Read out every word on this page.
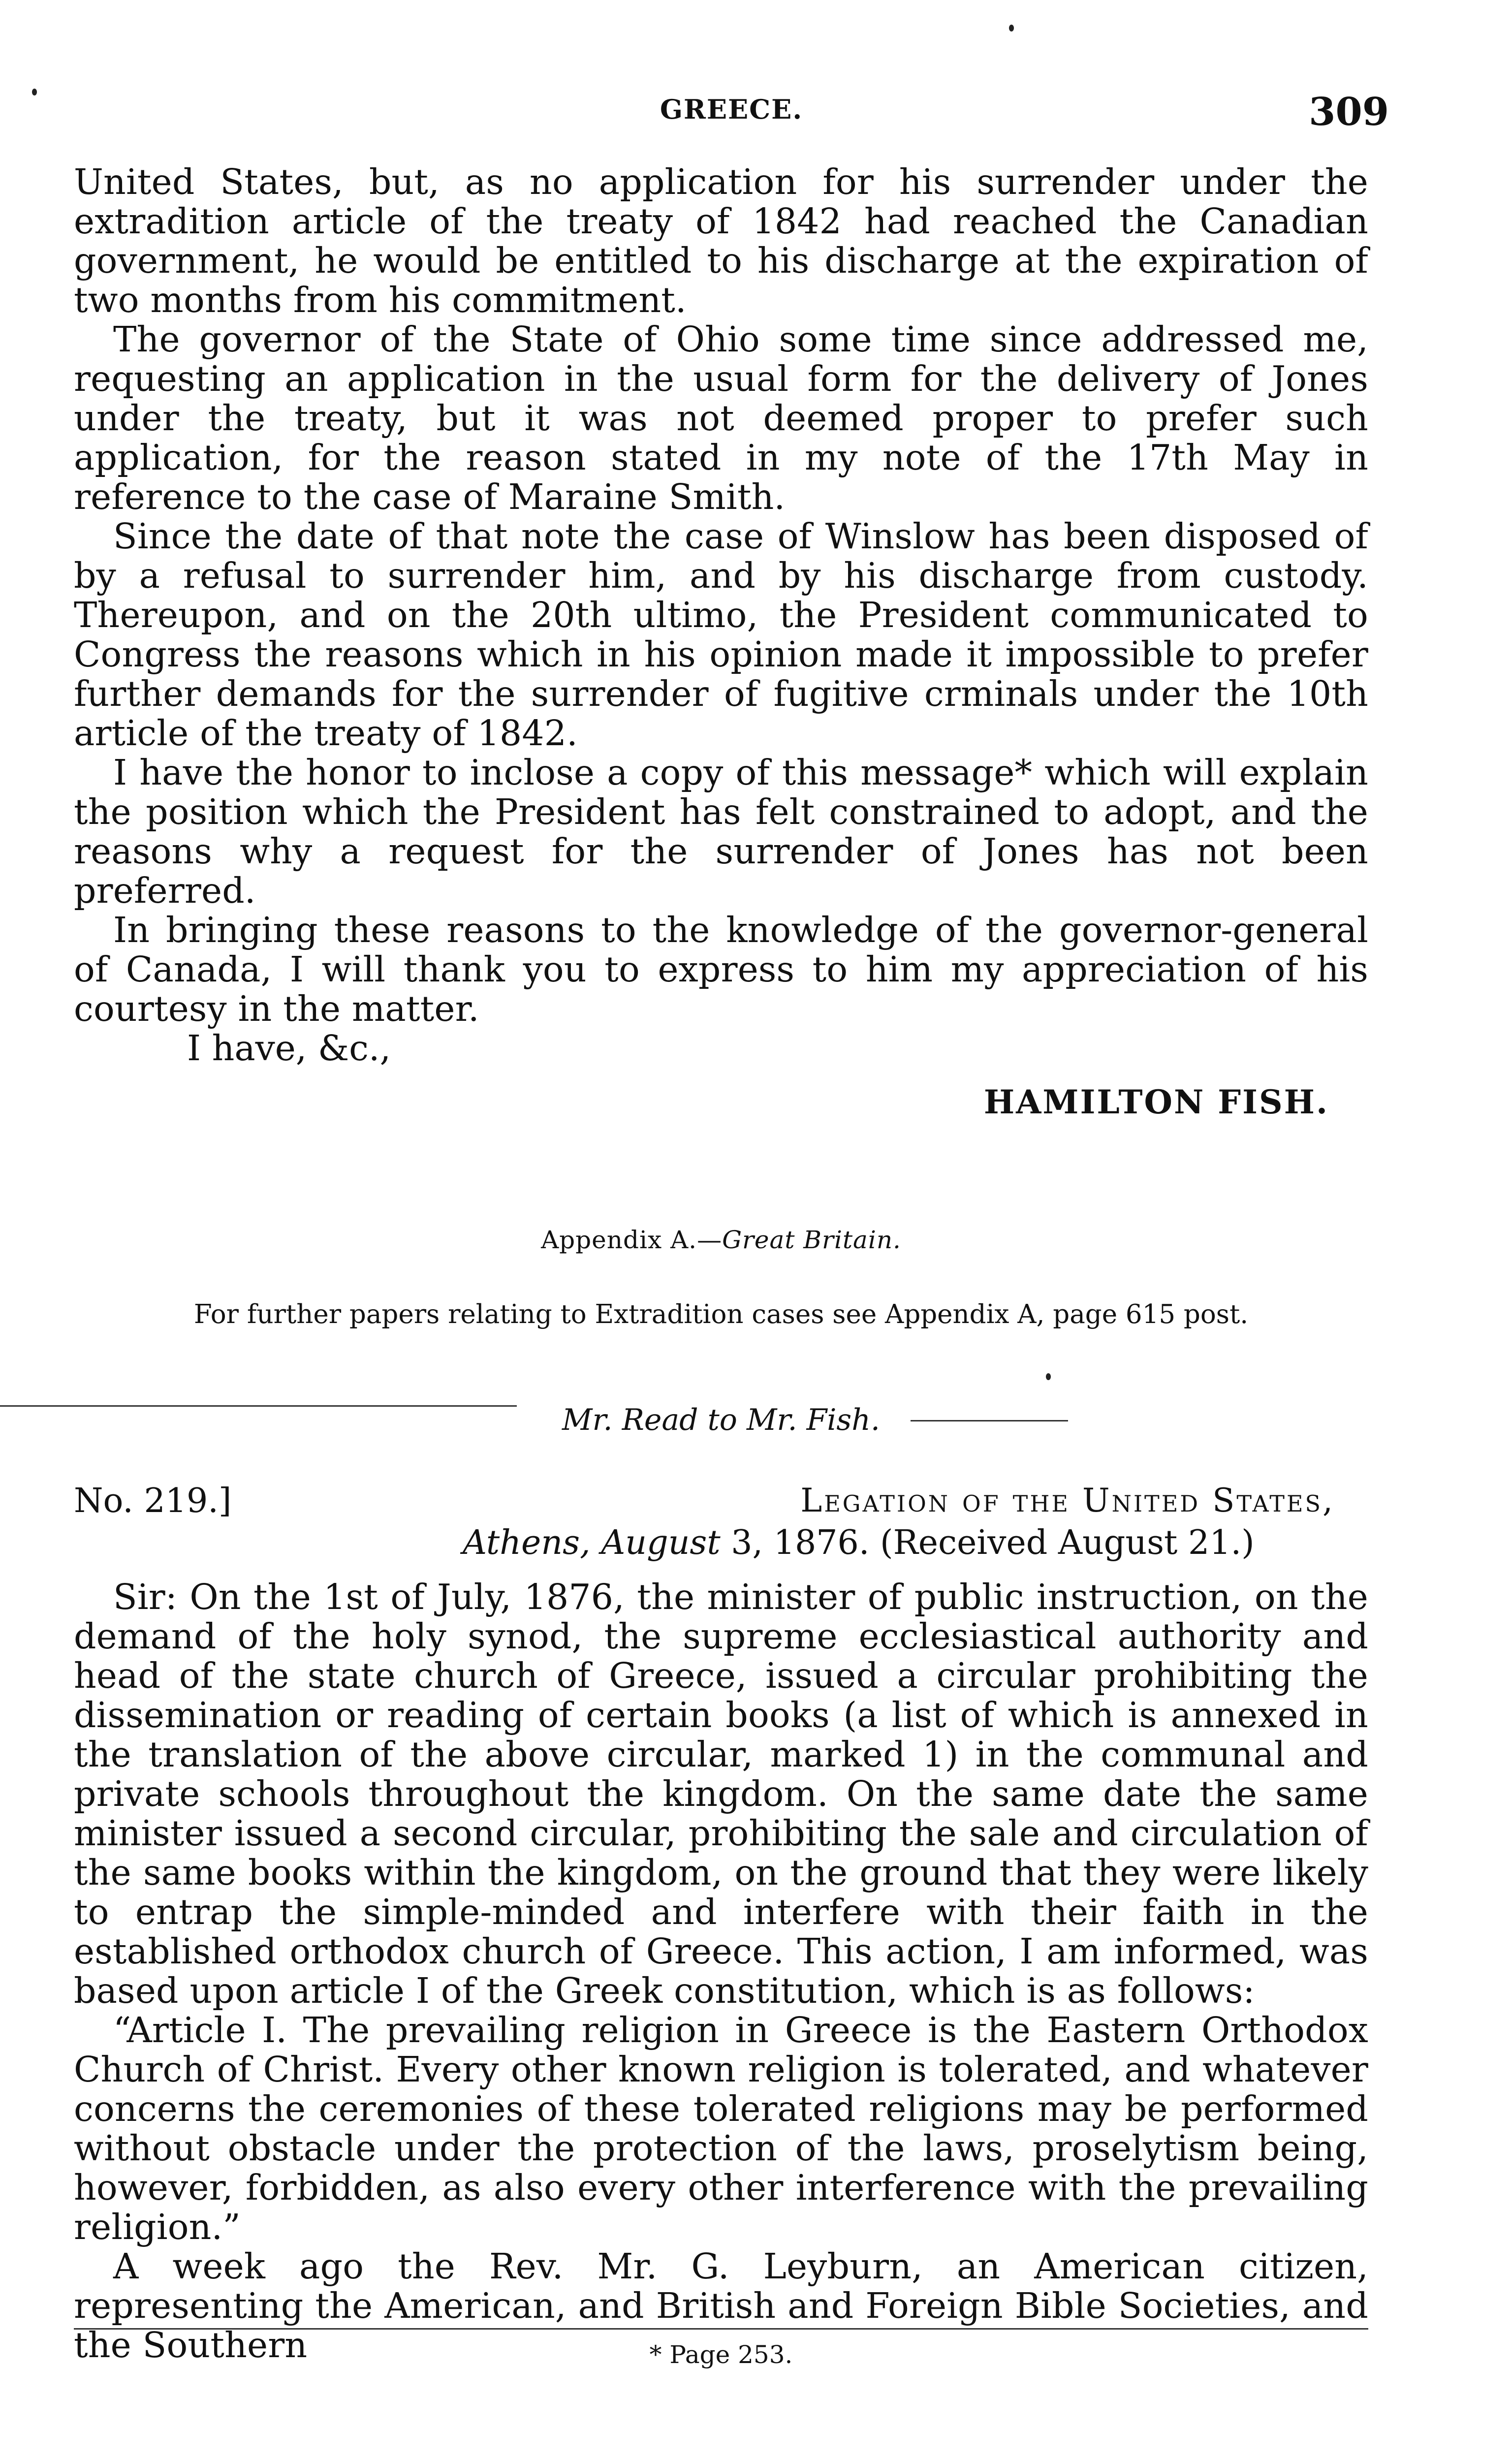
GREECE.	309

United States, but, as no application for his surrender under the extradition article of the treaty of 1842 had reached the Canadian government, he would be entitled to his discharge at the expiration of two months from his commitment.

The governor of the State of Ohio some time since addressed me, requesting an application in the usual form for the delivery of Jones under the treaty, but it was not deemed proper to prefer such application, for the reason stated in my note of the 17th May in reference to the case of Maraine Smith.

Since the date of that note the case of Winslow has been disposed of by a refusal to surrender him, and by his discharge from custody. Thereupon, and on the 20th ultimo, the President communicated to Congress the reasons which in his opinion made it impossible to prefer further demands for the surrender of fugitive crminals under the 10th article of the treaty of 1842.

I have the honor to inclose a copy of this message* which will explain the position which the President has felt constrained to adopt, and the reasons why a request for the surrender of Jones has not been preferred.

In bringing these reasons to the knowledge of the governor-general of Canada, I will thank you to express to him my appreciation of his courtesy in the matter.

I have, &c.,
HAMILTON FISH.
Appendix A.—Great Britain.
For further papers relating to Extradition cases see Appendix A, page 615 post.
Mr. Read to Mr. Fish.
No. 219.]	Legation of the United States,
Athens, August 3, 1876. (Received August 21.)

Sir: On the 1st of July, 1876, the minister of public instruction, on the demand of the holy synod, the supreme ecclesiastical authority and head of the state church of Greece, issued a circular prohibiting the dissemination or reading of certain books (a list of which is annexed in the translation of the above circular, marked 1) in the communal and private schools throughout the kingdom. On the same date the same minister issued a second circular, prohibiting the sale and circulation of the same books within the kingdom, on the ground that they were likely to entrap the simple-minded and interfere with their faith in the established orthodox church of Greece. This action, I am informed, was based upon article I of the Greek constitution, which is as follows:

“Article I. The prevailing religion in Greece is the Eastern Orthodox Church of Christ. Every other known religion is tolerated, and whatever concerns the ceremonies of these tolerated religions may be performed without obstacle under the protection of the laws, proselytism being, however, forbidden, as also every other interference with the prevailing religion.”

A week ago the Rev. Mr. G. Leyburn, an American citizen, representing the American, and British and Foreign Bible Societies, and the Southern	* Page 253.
